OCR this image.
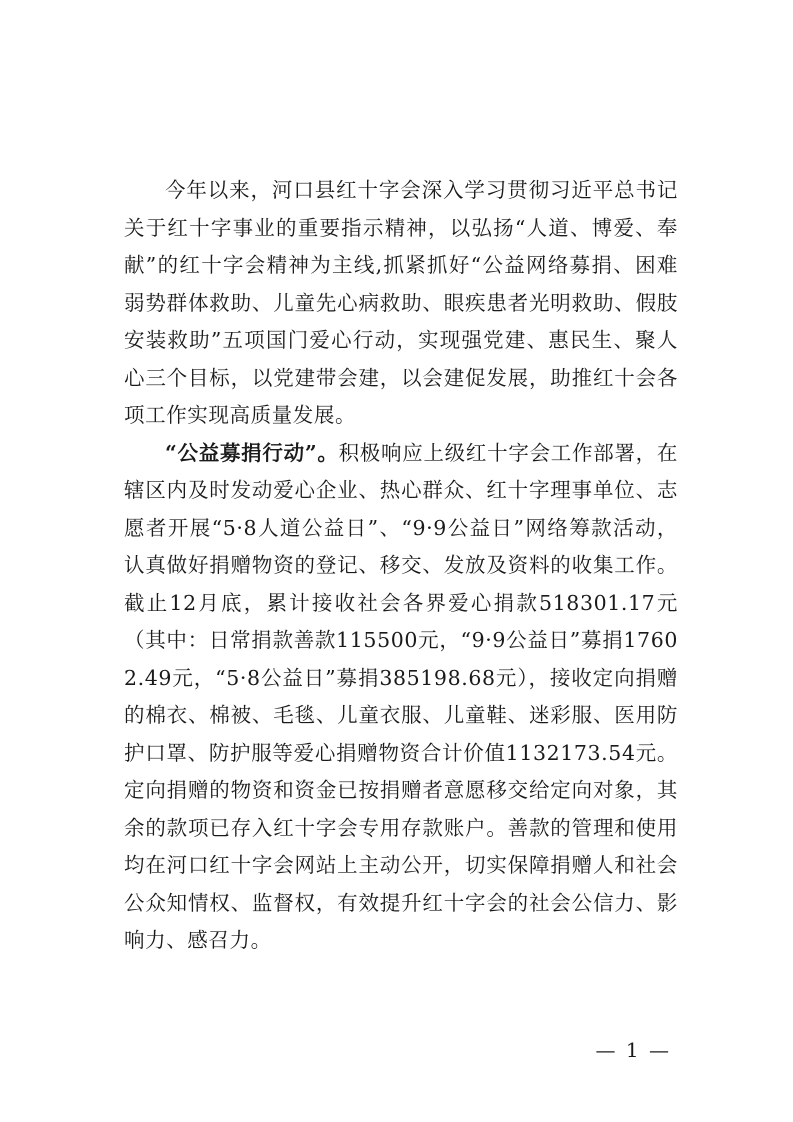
今年以来，河口县红十字会深入学习贯彻习近平总书记关于红十字事业的重要指示精神，以弘扬“人道、博爱、奉献”的红十字会精神为主线,抓紧抓好“公益网络募捐、困难弱势群体救助、儿童先心病救助、眼疾患者光明救助、假肢安装救助”五项国门爱心行动，实现强党建、惠民生、聚人心三个目标，以党建带会建，以会建促发展，助推红十会各项工作实现高质量发展。

“公益募捐行动”。积极响应上级红十字会工作部署，在辖区内及时发动爱心企业、热心群众、红十字理事单位、志愿者开展“5·8人道公益日”、“9·9公益日”网络筹款活动，认真做好捐赠物资的登记、移交、发放及资料的收集工作。截止12月底，累计接收社会各界爱心捐款518301.17元（其中：日常捐款善款115500元，“9·9公益日”募捐17602.49元，“5·8公益日”募捐385198.68元），接收定向捐赠的棉衣、棉被、毛毯、儿童衣服、儿童鞋、迷彩服、医用防护口罩、防护服等爱心捐赠物资合计价值1132173.54元。定向捐赠的物资和资金已按捐赠者意愿移交给定向对象，其余的款项已存入红十字会专用存款账户。善款的管理和使用均在河口红十字会网站上主动公开，切实保障捐赠人和社会公众知情权、监督权，有效提升红十字会的社会公信力、影响力、感召力。

— 1 —
